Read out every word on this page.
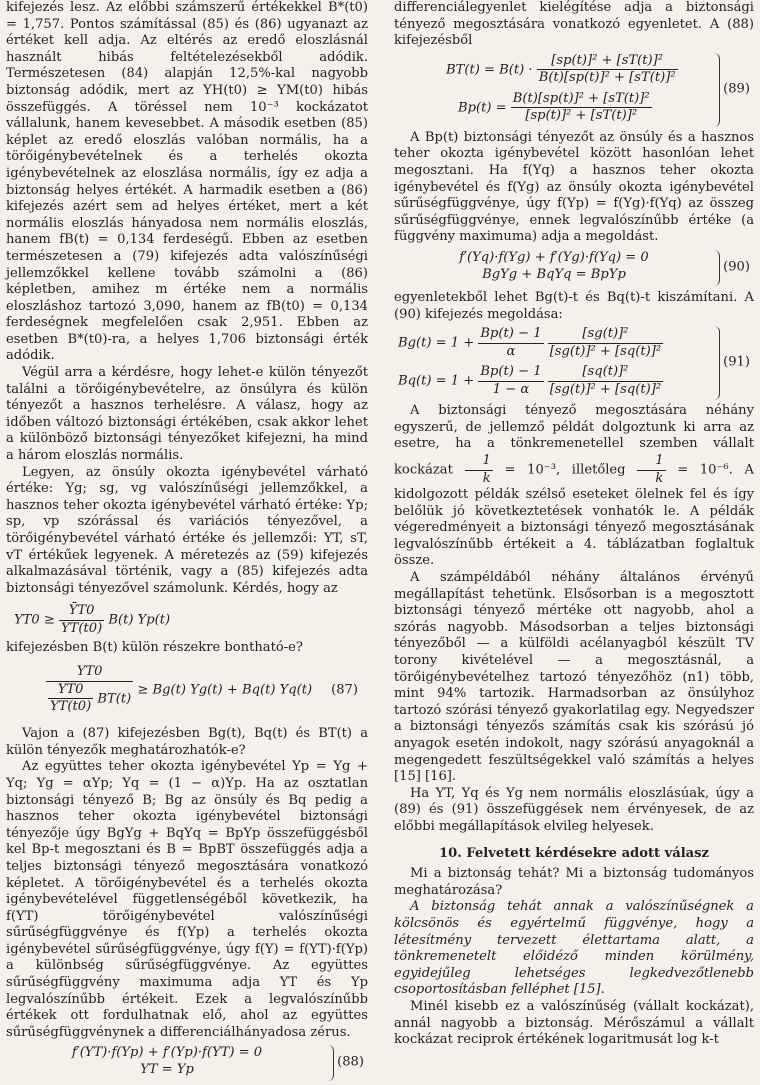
kifejezés lesz. Az előbbi számszerű értékekkel B*(t0) = 1,757. Pontos számítással (85) és (86) ugyanazt az értéket kell adja. Az eltérés az eredő eloszlásnál használt hibás feltételezésekből adódik. Természetesen (84) alapján 12,5%-kal nagyobb biztonság adódik, mert az YH(t0) ≥ YM(t0) hibás összefüggés. A töréssel nem 10⁻³ kockázatot vállalunk, hanem kevesebbet. A második esetben (85) képlet az eredő eloszlás valóban normális, ha a törőigénybevételnek és a terhelés okozta igénybevételnek az eloszlása normális, így ez adja a biztonság helyes értékét. A harmadik esetben a (86) kifejezés azért sem ad helyes értéket, mert a két normális eloszlás hányadosa nem normális eloszlás, hanem fB(t) = 0,134 ferdeségű. Ebben az esetben természetesen a (79) kifejezés adta valószínűségi jellemzőkkel kellene tovább számolni a (86) képletben, amihez m értéke nem a normális eloszláshoz tartozó 3,090, hanem az fB(t0) = 0,134 ferdeségnek megfelelően csak 2,951. Ebben az esetben B*(t0)-ra, a helyes 1,706 biztonsági érték adódik.

Végül arra a kérdésre, hogy lehet-e külön tényezőt találni a törőigénybevételre, az önsúlyra és külön tényezőt a hasznos terhelésre. A válasz, hogy az időben változó biztonsági értékében, csak akkor lehet a különböző biztonsági tényezőket kifejezni, ha mind a három eloszlás normális.

Legyen, az önsúly okozta igénybevétel várható értéke: Yg; sg, vg valószínűségi jellemzőkkel, a hasznos teher okozta igénybevétel várható értéke: Yp; sp, vp szórással és variációs tényezővel, a törőigénybevétel várható értéke és jellemzői: YT, sT, vT értékűek legyenek. A méretezés az (59) kifejezés alkalmazásával történik, vagy a (85) kifejezés adta biztonsági tényezővel számolunk. Kérdés, hogy az

$YT0 \ge \frac{ȲT0}{ȲT(t0)} B(t)$ Yp(t)

kifejezésben B(t) külön részekre bontható-e?

$\frac{YT0}{\frac{ȲT0}{ȲT(t0)} BT(t)} \ge Bg(t) Yg(t) + Bq(t)$ Yq(t) (87)

Vajon a (87) kifejezésben Bg(t), Bq(t) és BT(t) a külön tényezők meghatározhatók-e?

Az együttes teher okozta igénybevétel Yp = Yg + Yq; Yg = αYp; Yq = (1 − α)Yp. Ha az osztatlan biztonsági tényező B; Bg az önsúly és Bq pedig a hasznos teher okozta igénybevétel biztonsági tényezője úgy BgYg + BqYq = BpYp összefüggésből kel Bp-t megosztani és B = BpBT összefüggés adja a teljes biztonsági tényező megosztására vonatkozó képletet. A törőigénybevétel és a terhelés okozta igénybevételével függetlenségéből következik, ha f(YT) törőigénybevétel valószínűségi sűrűségfüggvénye és f(Yp) a terhelés okozta igénybevétel sűrűségfüggvénye, úgy f(Y) = f(YT)·f(Yp) a különbség sűrűségfüggvénye. Az együttes sűrűségfüggvény maximuma adja YT és Yp legvalószínűbb értékeit. Ezek a legvalószínűbb értékek ott fordulhatnak elő, ahol az együttes sűrűségfüggvénynek a differenciálhányadosa zérus.

f′(YT)·f(Yp) + f′(Yp)·f(YT) = 0
YT = Yp	(88)

differenciálegyenlet kielégítése adja a biztonsági tényező megosztására vonatkozó egyenletet. A (88) kifejezésből

$BT(t) = B(t) \cdot \frac{\text{[sp(t)]² + [sT(t)]²}}{\text{B(t)[sp(t)]² + [sT(t)]²}}$
$Bp(t) = \frac{\text{B(t)[sp(t)]² + [sT(t)]²}}{\text{[sp(t)]² + [sT(t)]²}}$
(89)

A Bp(t) biztonsági tényezőt az önsúly és a hasznos teher okozta igénybevétel között hasonlóan lehet megosztani. Ha f(Yq) a hasznos teher okozta igénybevétel és f(Yg) az önsúly okozta igénybevétel sűrűségfüggvénye, úgy f(Yp) = f(Yg)·f(Yq) az összeg sűrűségfüggvénye, ennek legvalószínűbb értéke (a függvény maximuma) adja a megoldást.

f′(Yq)·f(Yg) + f′(Yg)·f(Yq) = 0
BgYg + BqYq = BpYp	(90)

egyenletekből lehet Bg(t)-t és Bq(t)-t kiszámítani. A (90) kifejezés megoldása:

$Bg(t) = 1 + \frac{Bp(t) - 1}{\alpha}$
$\frac{\text{[sg(t)]²}}{\text{[sg(t)]² + [sq(t)]²}}$
$Bq(t) = 1 + \frac{Bp(t) - 1}{1 - \alpha}$
$\frac{\text{[sq(t)]²}}{\text{[sg(t)]² + [sq(t)]²}}$
(91)

A biztonsági tényező megosztására néhány egyszerű, de jellemző példát dolgoztunk ki arra az esetre, ha a tönkremenetellel szemben vállalt kockázat $\frac{1}{k} = 10^{-3}$, illetőleg $\frac{1}{k} = 10^{-6}$. A kidolgozott példák szélső eseteket ölelnek fel és így belőlük jó következtetések vonhatók le. A példák végeredményeit a biztonsági tényező megosztásának legvalószínűbb értékeit a 4. táblázatban foglaltuk össze.

A számpéldából néhány általános érvényű megállapítást tehetünk. Elsősorban is a megosztott biztonsági tényező mértéke ott nagyobb, ahol a szórás nagyobb. Másodsorban a teljes biztonsági tényezőből — a külföldi acélanyagból készült TV torony kivételével — a megosztásnál, a törőigénybevételhez tartozó tényezőhöz (n1) több, mint 94% tartozik. Harmadsorban az önsúlyhoz tartozó szórási tényező gyakorlatilag egy. Negyedszer a biztonsági tényezős számítás csak kis szórású jó anyagok esetén indokolt, nagy szórású anyagoknál a megengedett feszültségekkel való számítás a helyes [15] [16].

Ha YT, Yq és Yg nem normális eloszlásúak, úgy a (89) és (91) összefüggések nem érvényesek, de az előbbi megállapítások elvileg helyesek.

10. Felvetett kérdésekre adott válasz

Mi a biztonság tehát? Mi a biztonság tudományos meghatározása?

A biztonság tehát annak a valószínűségnek a kölcsönös és egyértelmű függvénye, hogy a létesítmény tervezett élettartama alatt, a tönkremenetelt előidéző minden körülmény, egyidejűleg lehetséges legkedvezőtlenebb csoportosításban felléphet [15].

Minél kisebb ez a valószínűség (vállalt kockázat), annál nagyobb a biztonság. Mérőszámul a vállalt kockázat reciprok értékének logaritmusát log k-t
